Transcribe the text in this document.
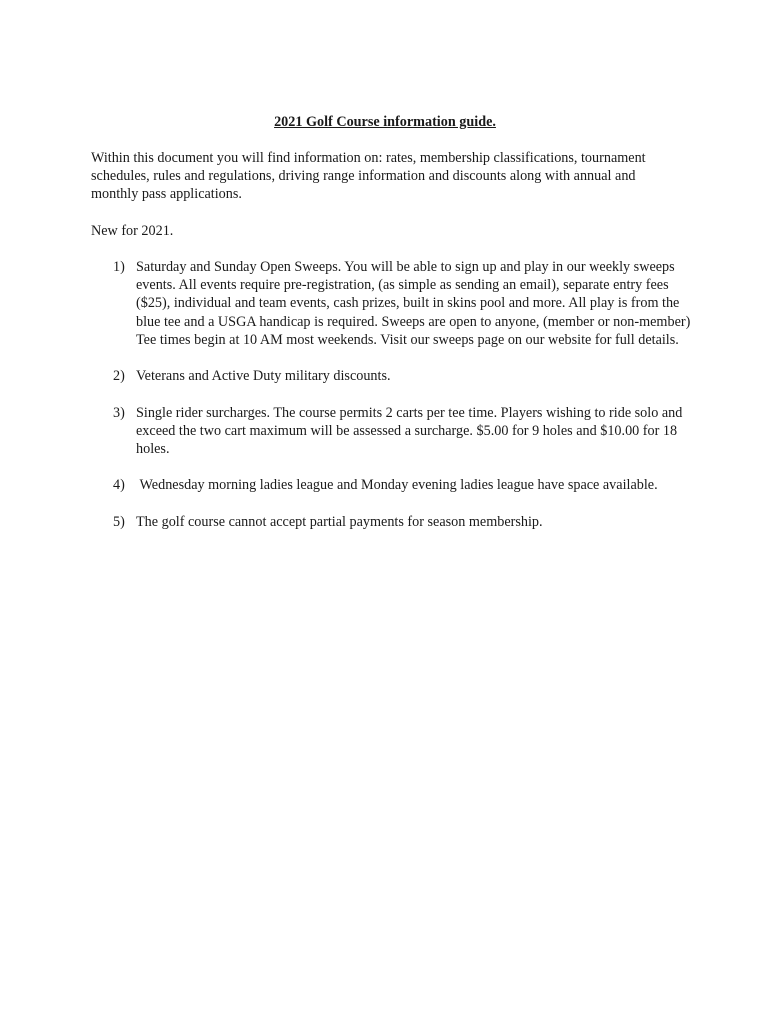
2021 Golf Course information guide.

Within this document you will find information on: rates, membership classifications, tournament schedules, rules and regulations, driving range information and discounts along with annual and monthly pass applications.

New for 2021.

1) Saturday and Sunday Open Sweeps. You will be able to sign up and play in our weekly sweeps events. All events require pre-registration, (as simple as sending an email), separate entry fees ($25), individual and team events, cash prizes, built in skins pool and more. All play is from the blue tee and a USGA handicap is required. Sweeps are open to anyone, (member or non-member) Tee times begin at 10 AM most weekends. Visit our sweeps page on our website for full details.
2) Veterans and Active Duty military discounts.
3) Single rider surcharges. The course permits 2 carts per tee time. Players wishing to ride solo and exceed the two cart maximum will be assessed a surcharge. $5.00 for 9 holes and $10.00 for 18 holes.
4) Wednesday morning ladies league and Monday evening ladies league have space available.
5) The golf course cannot accept partial payments for season membership.
